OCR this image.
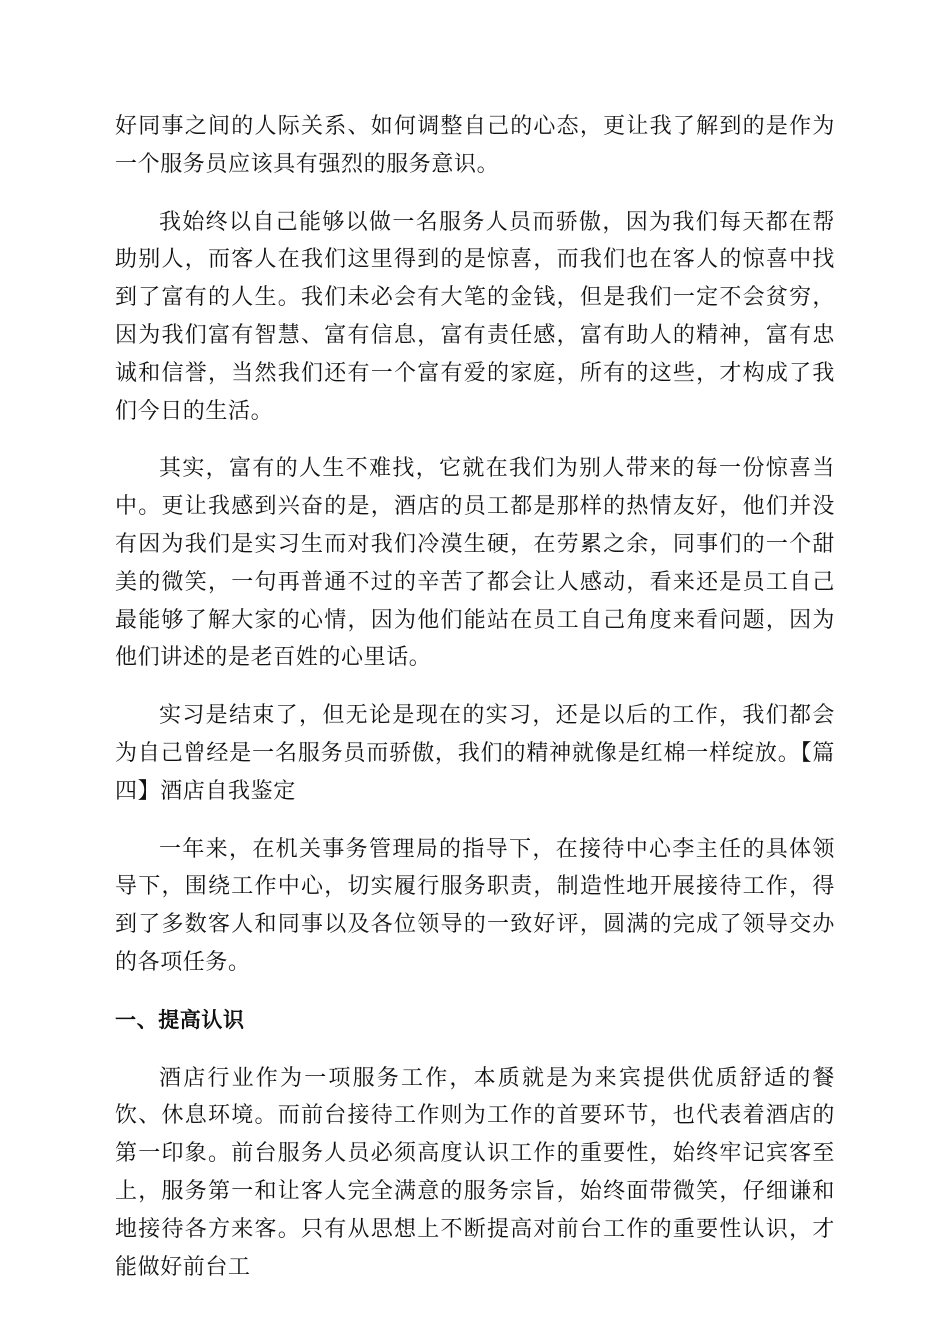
好同事之间的人际关系、如何调整自己的心态，更让我了解到的是作为一个服务员应该具有强烈的服务意识。

我始终以自己能够以做一名服务人员而骄傲，因为我们每天都在帮助别人，而客人在我们这里得到的是惊喜，而我们也在客人的惊喜中找到了富有的人生。我们未必会有大笔的金钱，但是我们一定不会贫穷，因为我们富有智慧、富有信息，富有责任感，富有助人的精神，富有忠诚和信誉，当然我们还有一个富有爱的家庭，所有的这些，才构成了我们今日的生活。

其实，富有的人生不难找，它就在我们为别人带来的每一份惊喜当中。更让我感到兴奋的是，酒店的员工都是那样的热情友好，他们并没有因为我们是实习生而对我们冷漠生硬，在劳累之余，同事们的一个甜美的微笑，一句再普通不过的辛苦了都会让人感动，看来还是员工自己最能够了解大家的心情，因为他们能站在员工自己角度来看问题，因为他们讲述的是老百姓的心里话。

实习是结束了，但无论是现在的实习，还是以后的工作，我们都会为自己曾经是一名服务员而骄傲，我们的精神就像是红棉一样绽放。【篇四】酒店自我鉴定

一年来，在机关事务管理局的指导下，在接待中心李主任的具体领导下，围绕工作中心，切实履行服务职责，制造性地开展接待工作，得到了多数客人和同事以及各位领导的一致好评，圆满的完成了领导交办的各项任务。

一、提高认识

酒店行业作为一项服务工作，本质就是为来宾提供优质舒适的餐饮、休息环境。而前台接待工作则为工作的首要环节，也代表着酒店的第一印象。前台服务人员必须高度认识工作的重要性，始终牢记宾客至上，服务第一和让客人完全满意的服务宗旨，始终面带微笑，仔细谦和地接待各方来客。只有从思想上不断提高对前台工作的重要性认识，才能做好前台工
